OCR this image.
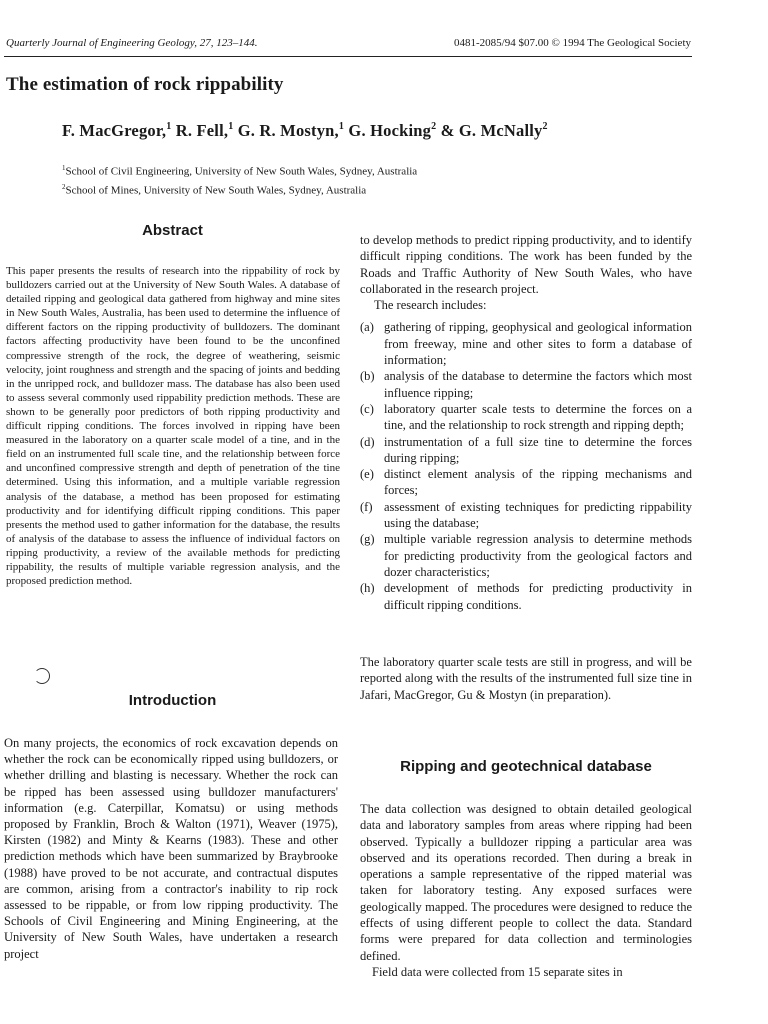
Quarterly Journal of Engineering Geology, 27, 123–144.	0481-2085/94 $07.00 © 1994 The Geological Society
The estimation of rock rippability
F. MacGregor,$^1$ R. Fell,$^1$ G. R. Mostyn,$^1$ G. Hocking$^2$ & G. McNally$^2$
$^1$School of Civil Engineering, University of New South Wales, Sydney, Australia
$^2$School of Mines, University of New South Wales, Sydney, Australia
Abstract
This paper presents the results of research into the rippability of rock by bulldozers carried out at the University of New South Wales. A database of detailed ripping and geological data gathered from highway and mine sites in New South Wales, Australia, has been used to determine the influence of different factors on the ripping productivity of bulldozers. The dominant factors affecting productivity have been found to be the unconfined compressive strength of the rock, the degree of weathering, seismic velocity, joint roughness and strength and the spacing of joints and bedding in the unripped rock, and bulldozer mass. The database has also been used to assess several commonly used rippability prediction methods. These are shown to be generally poor predictors of both ripping productivity and difficult ripping conditions. The forces involved in ripping have been measured in the laboratory on a quarter scale model of a tine, and in the field on an instrumented full scale tine, and the relationship between force and unconfined compressive strength and depth of penetration of the tine determined. Using this information, and a multiple variable regression analysis of the database, a method has been proposed for estimating productivity and for identifying difficult ripping conditions. This paper presents the method used to gather information for the database, the results of analysis of the database to assess the influence of individual factors on ripping productivity, a review of the available methods for predicting rippability, the results of multiple variable regression analysis, and the proposed prediction method.
Introduction
On many projects, the economics of rock excavation depends on whether the rock can be economically ripped using bulldozers, or whether drilling and blasting is necessary. Whether the rock can be ripped has been assessed using bulldozer manufacturers' information (e.g. Caterpillar, Komatsu) or using methods proposed by Franklin, Broch & Walton (1971), Weaver (1975), Kirsten (1982) and Minty & Kearns (1983). These and other prediction methods which have been summarized by Braybrooke (1988) have proved to be not accurate, and contractual disputes are common, arising from a contractor's inability to rip rock assessed to be rippable, or from low ripping productivity. The Schools of Civil Engineering and Mining Engineering, at the University of New South Wales, have undertaken a research project

to develop methods to predict ripping productivity, and to identify difficult ripping conditions. The work has been funded by the Roads and Traffic Authority of New South Wales, who have collaborated in the research project.

The research includes:

(a) gathering of ripping, geophysical and geological information from freeway, mine and other sites to form a database of information;
(b) analysis of the database to determine the factors which most influence ripping;
(c) laboratory quarter scale tests to determine the forces on a tine, and the relationship to rock strength and ripping depth;
(d) instrumentation of a full size tine to determine the forces during ripping;
(e) distinct element analysis of the ripping mechanisms and forces;
(f) assessment of existing techniques for predicting rippability using the database;
(g) multiple variable regression analysis to determine methods for predicting productivity from the geological factors and dozer characteristics;
(h) development of methods for predicting productivity in difficult ripping conditions.
The laboratory quarter scale tests are still in progress, and will be reported along with the results of the instrumented full size tine in Jafari, MacGregor, Gu & Mostyn (in preparation).
Ripping and geotechnical database

The data collection was designed to obtain detailed geological data and laboratory samples from areas where ripping had been observed. Typically a bulldozer ripping a particular area was observed and its operations recorded. Then during a break in operations a sample representative of the ripped material was taken for laboratory testing. Any exposed surfaces were geologically mapped. The procedures were designed to reduce the effects of using different people to collect the data. Standard forms were prepared for data collection and terminologies defined.

Field data were collected from 15 separate sites in
